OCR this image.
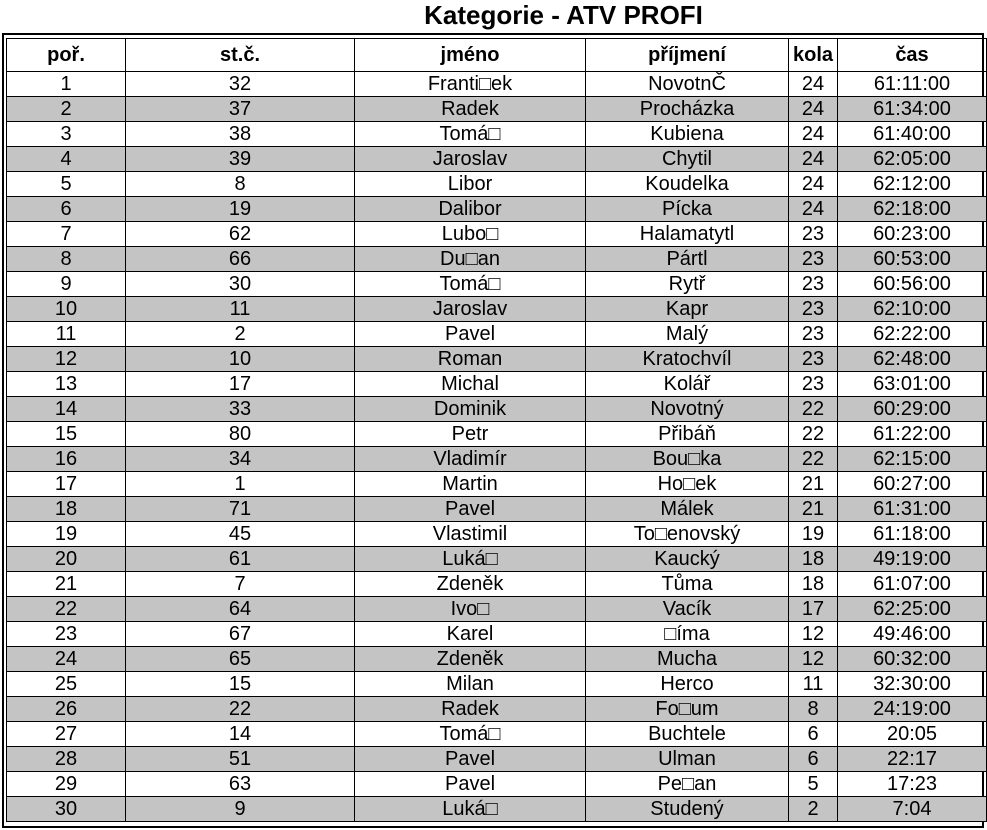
Kategorie - ATV PROFI
poř.	st.č.	jméno	příjmení	kola	čas
1	32	Franti□ek	NovotnČ	24	61:11:00
2	37	Radek	Procházka	24	61:34:00
3	38	Tomá□	Kubiena	24	61:40:00
4	39	Jaroslav	Chytil	24	62:05:00
5	8	Libor	Koudelka	24	62:12:00
6	19	Dalibor	Pícka	24	62:18:00
7	62	Lubo□	Halamatytl	23	60:23:00
8	66	Du□an	Pártl	23	60:53:00
9	30	Tomá□	Rytř	23	60:56:00
10	11	Jaroslav	Kapr	23	62:10:00
11	2	Pavel	Malý	23	62:22:00
12	10	Roman	Kratochvíl	23	62:48:00
13	17	Michal	Kolář	23	63:01:00
14	33	Dominik	Novotný	22	60:29:00
15	80	Petr	Přibáň	22	61:22:00
16	34	Vladimír	Bou□ka	22	62:15:00
17	1	Martin	Ho□ek	21	60:27:00
18	71	Pavel	Málek	21	61:31:00
19	45	Vlastimil	To□enovský	19	61:18:00
20	61	Luká□	Kaucký	18	49:19:00
21	7	Zdeněk	Tůma	18	61:07:00
22	64	Ivo□	Vacík	17	62:25:00
23	67	Karel	□íma	12	49:46:00
24	65	Zdeněk	Mucha	12	60:32:00
25	15	Milan	Herco	11	32:30:00
26	22	Radek	Fo□um	8	24:19:00
27	14	Tomá□	Buchtele	6	20:05
28	51	Pavel	Ulman	6	22:17
29	63	Pavel	Pe□an	5	17:23
30	9	Luká□	Studený	2	7:04
